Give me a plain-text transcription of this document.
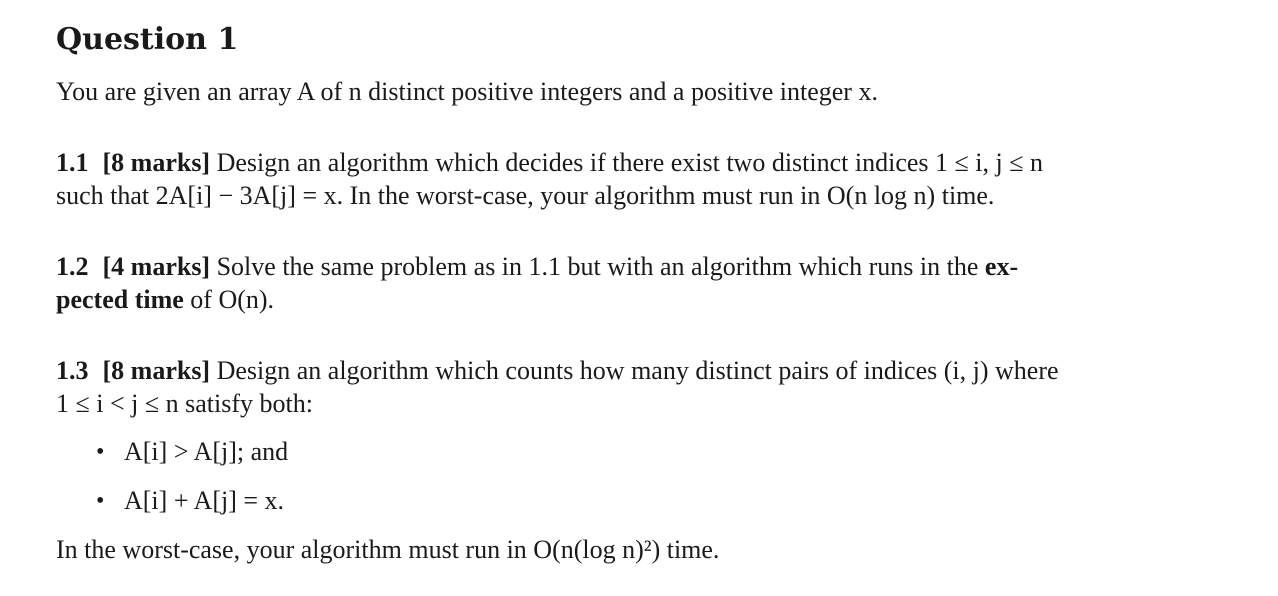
Question 1
You are given an array A of n distinct positive integers and a positive integer x.
1.1 [8 marks] Design an algorithm which decides if there exist two distinct indices 1 ≤ i, j ≤ n
such that 2A[i] − 3A[j] = x. In the worst-case, your algorithm must run in O(n log n) time.
1.2 [4 marks] Solve the same problem as in 1.1 but with an algorithm which runs in the ex-
pected time of O(n).
1.3 [8 marks] Design an algorithm which counts how many distinct pairs of indices (i, j) where
1 ≤ i < j ≤ n satisfy both:
• A[i] > A[j]; and
• A[i] + A[j] = x.
In the worst-case, your algorithm must run in O(n(log n)²) time.
